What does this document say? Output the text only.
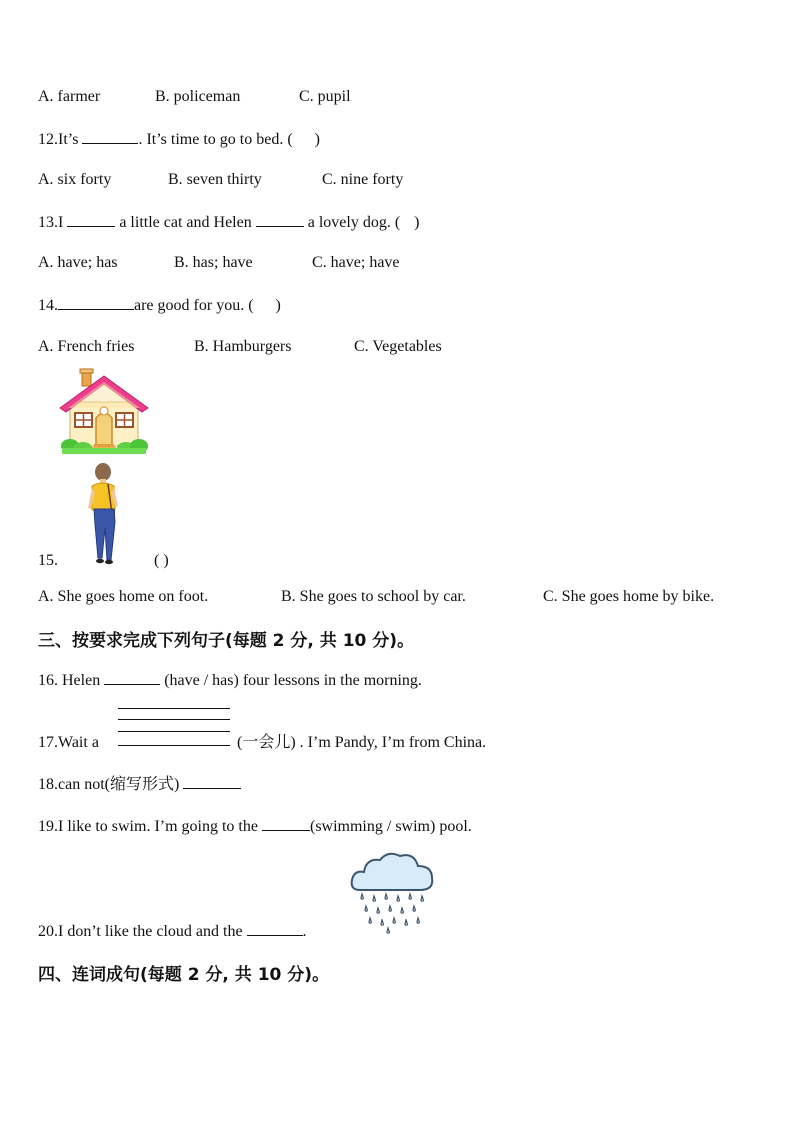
A. farmer	B. policeman	C. pupil
12.It’s	. It’s time to go to bed. ( )
A. six forty	B. seven thirty	C. nine forty
13.I	a little cat and Helen	a lovely dog. ( )
A. have; has	B. has; have	C. have; have
14.	are good for you. ( )
A. French fries	B. Hamburgers	C. Vegetables
15.	( )
A. She goes home on foot.	B. She goes to school by car.	C. She goes home by bike.
三、按要求完成下列句子(每题 2 分, 共 10 分)。
16. Helen	(have / has) four lessons in the morning.
17.Wait a	(一会儿) . I’m Pandy, I’m from China.
18.can not(缩写形式)
19.I like to swim. I’m going to the	(swimming / swim) pool.
20.I don’t like the cloud and the	.
四、连词成句(每题 2 分, 共 10 分)。
